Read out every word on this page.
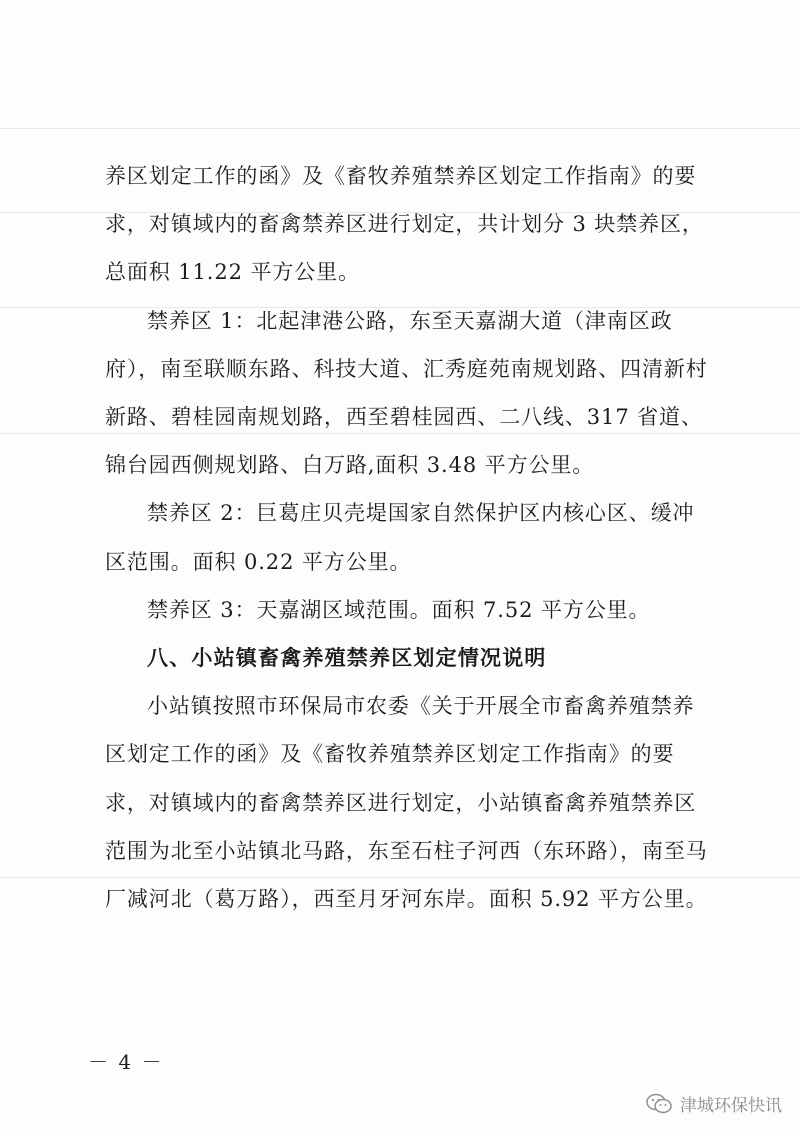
养区划定工作的函》及《畜牧养殖禁养区划定工作指南》的要
求，对镇域内的畜禽禁养区进行划定，共计划分 3 块禁养区，
总面积 11.22 平方公里。
禁养区 1：北起津港公路，东至天嘉湖大道（津南区政
府），南至联顺东路、科技大道、汇秀庭苑南规划路、四清新村
新路、碧桂园南规划路，西至碧桂园西、二八线、317 省道、
锦台园西侧规划路、白万路,面积 3.48 平方公里。
禁养区 2：巨葛庄贝壳堤国家自然保护区内核心区、缓冲
区范围。面积 0.22 平方公里。
禁养区 3：天嘉湖区域范围。面积 7.52 平方公里。
八、小站镇畜禽养殖禁养区划定情况说明
小站镇按照市环保局市农委《关于开展全市畜禽养殖禁养
区划定工作的函》及《畜牧养殖禁养区划定工作指南》的要
求，对镇域内的畜禽禁养区进行划定，小站镇畜禽养殖禁养区
范围为北至小站镇北马路，东至石柱子河西（东环路），南至马
厂减河北（葛万路），西至月牙河东岸。面积 5.92 平方公里。
－ 4 －
津城环保快讯
